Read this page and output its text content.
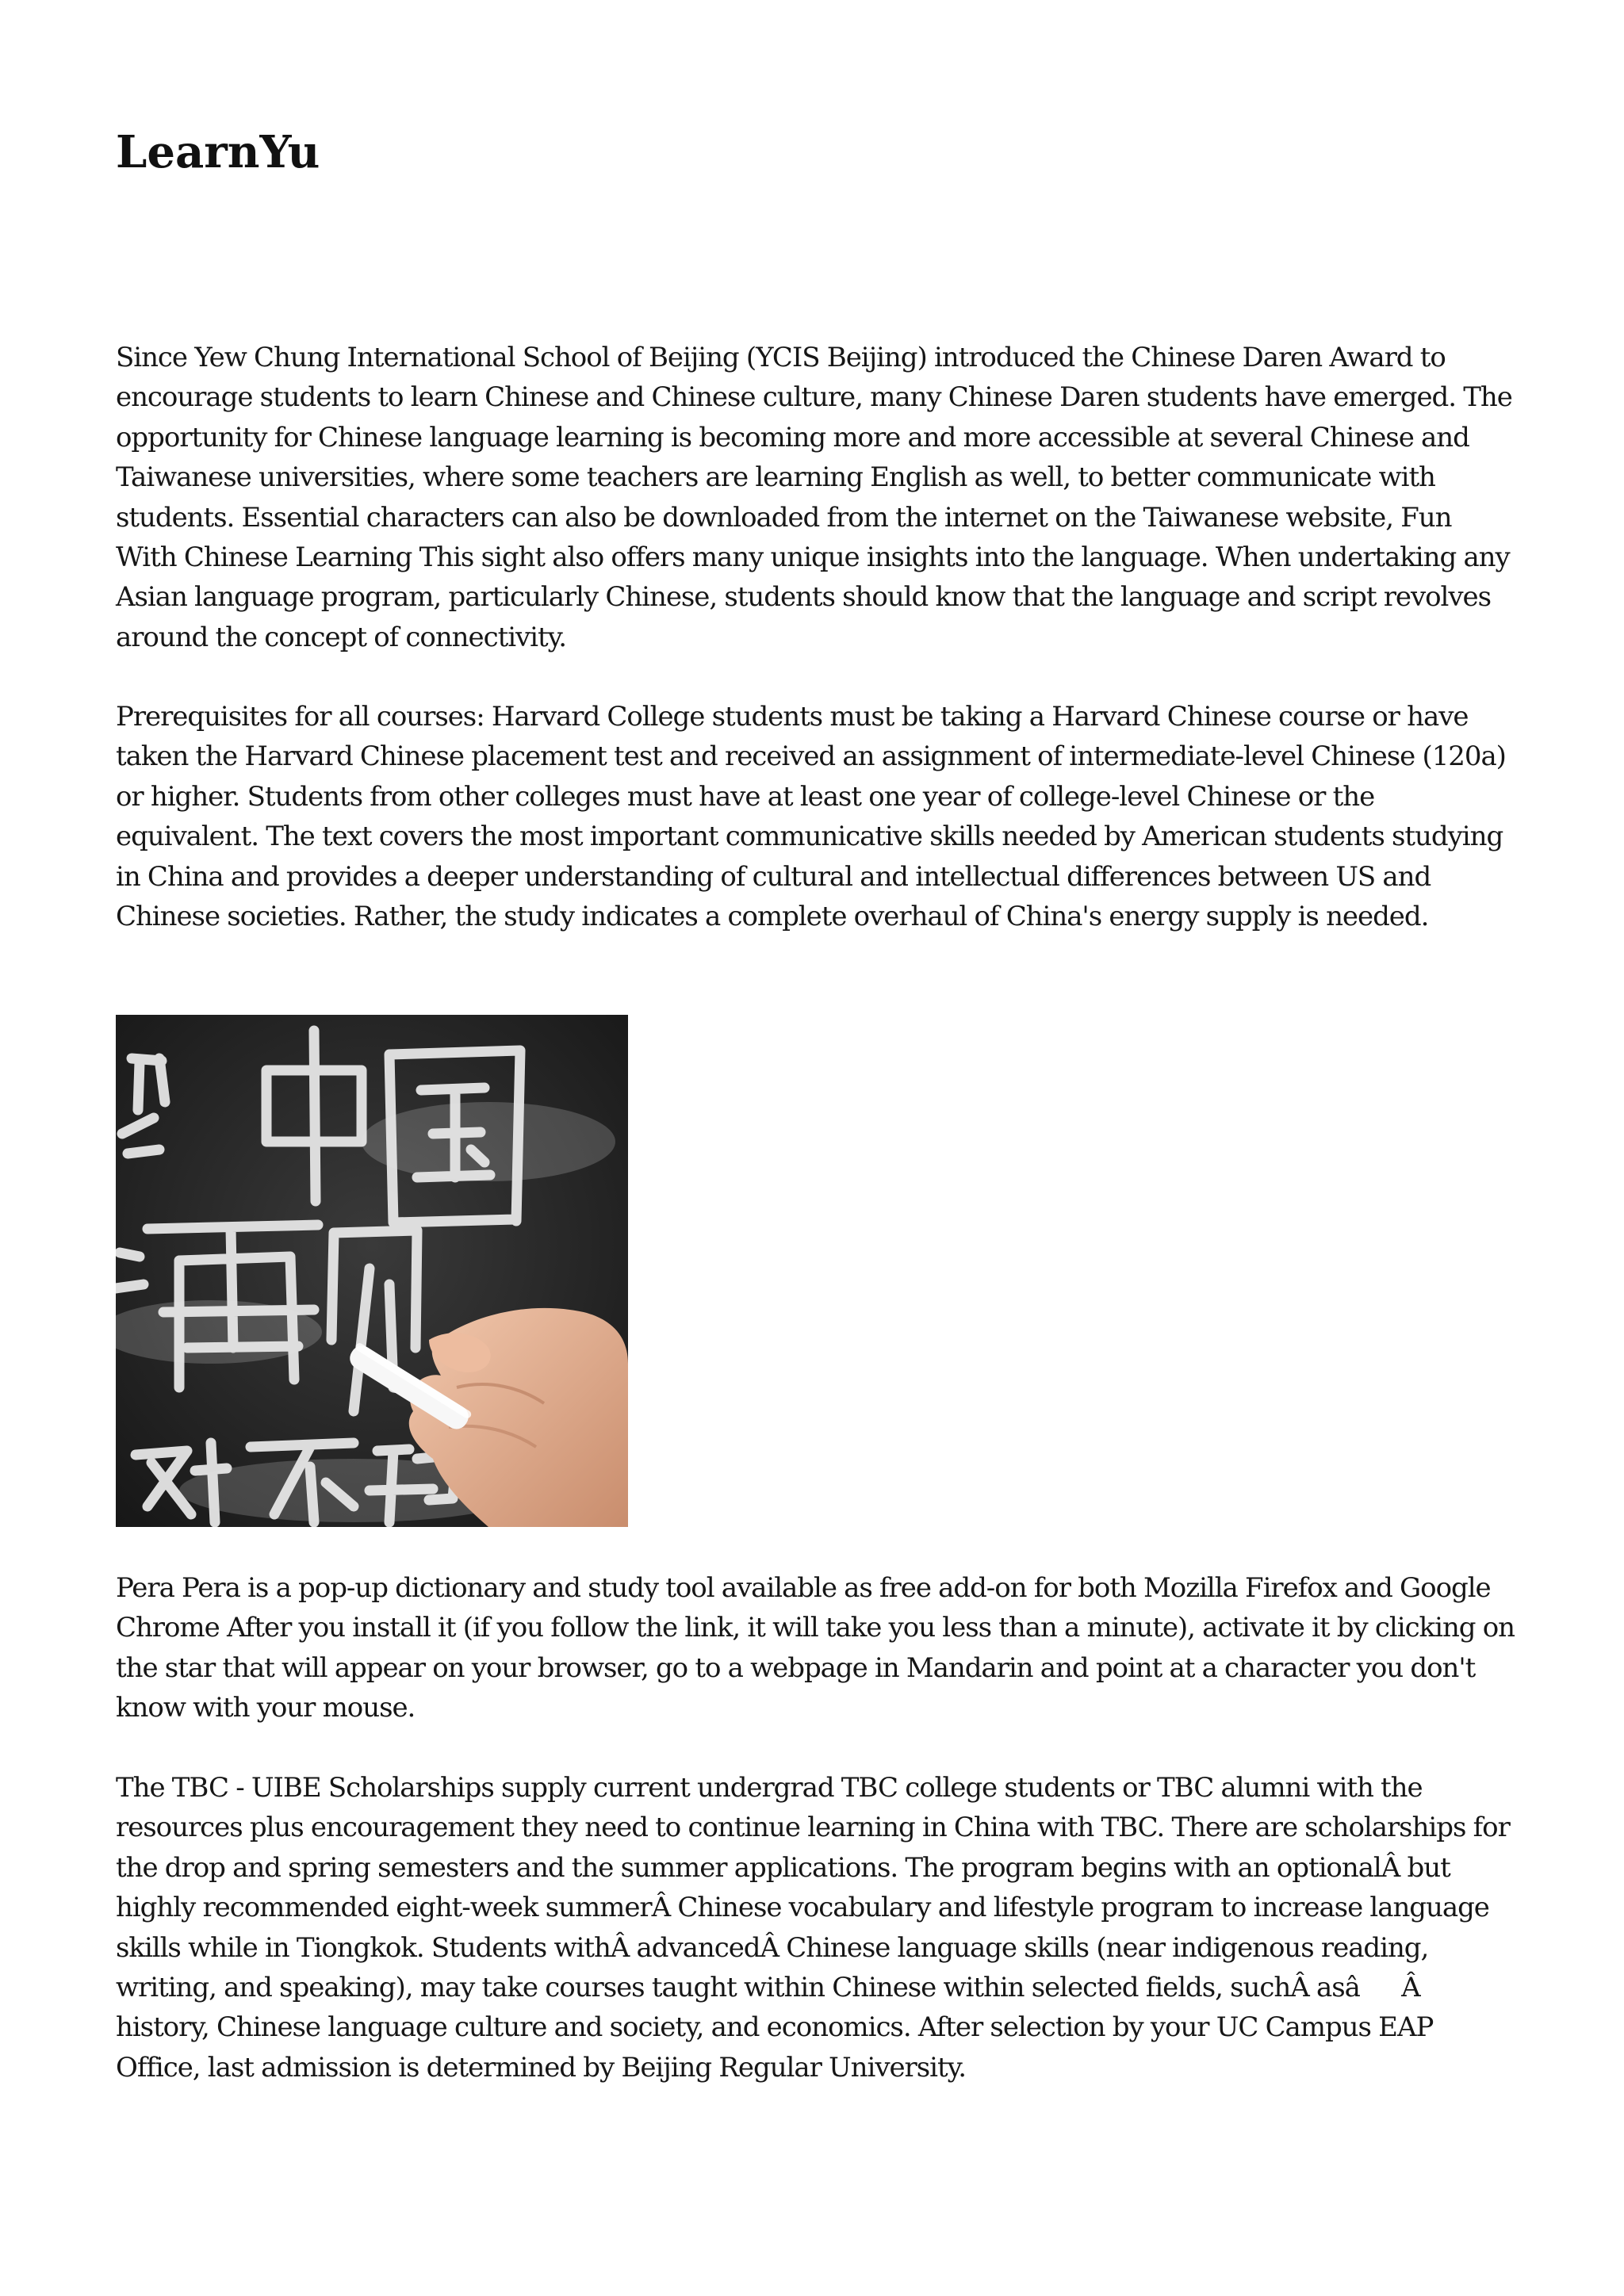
LearnYu

Since Yew Chung International School of Beijing (YCIS Beijing) introduced the Chinese Daren Award to encourage students to learn Chinese and Chinese culture, many Chinese Daren students have emerged. The opportunity for Chinese language learning is becoming more and more accessible at several Chinese and Taiwanese universities, where some teachers are learning English as well, to better communicate with students. Essential characters can also be downloaded from the internet on the Taiwanese website, Fun With Chinese Learning This sight also offers many unique insights into the language. When undertaking any Asian language program, particularly Chinese, students should know that the language and script revolves around the concept of connectivity.

Prerequisites for all courses: Harvard College students must be taking a Harvard Chinese course or have taken the Harvard Chinese placement test and received an assignment of intermediate-level Chinese (120a) or higher. Students from other colleges must have at least one year of college-level Chinese or the equivalent. The text covers the most important communicative skills needed by American students studying in China and provides a deeper understanding of cultural and intellectual differences between US and Chinese societies. Rather, the study indicates a complete overhaul of China's energy supply is needed.

Pera Pera is a pop-up dictionary and study tool available as free add-on for both Mozilla Firefox and Google Chrome After you install it (if you follow the link, it will take you less than a minute), activate it by clicking on the star that will appear on your browser, go to a webpage in Mandarin and point at a character you don't know with your mouse.

The TBC - UIBE Scholarships supply current undergrad TBC college students or TBC alumni with the resources plus encouragement they need to continue learning in China with TBC. There are scholarships for the drop and spring semesters and the summer applications. The program begins with an optionalÂ but highly recommended eight-week summerÂ Chinese vocabulary and lifestyle program to increase language skills while in Tiongkok. Students withÂ advancedÂ Chinese language skills (near indigenous reading, writing, and speaking), may take courses taught within Chinese within selected fields, suchÂ asâÂ history, Chinese language culture and society, and economics. After selection by your UC Campus EAP Office, last admission is determined by Beijing Regular University.
